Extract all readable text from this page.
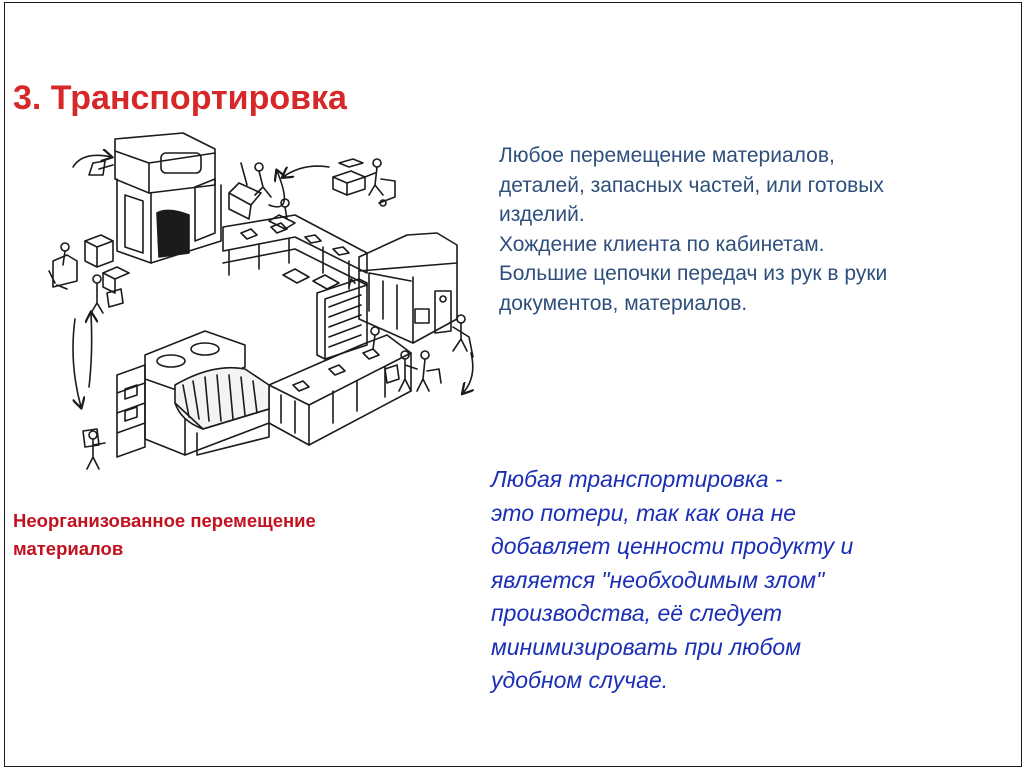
3. Транспортировка
Любое перемещение материалов,
деталей, запасных частей, или готовых
изделий.
Хождение клиента по кабинетам.
Большие цепочки передач из рук в руки
документов, материалов.
Неорганизованное перемещение
материалов
Любая транспортировка -
это потери, так как она не
добавляет ценности продукту и
является "необходимым злом"
производства, её следует
минимизировать при любом
удобном случае.
